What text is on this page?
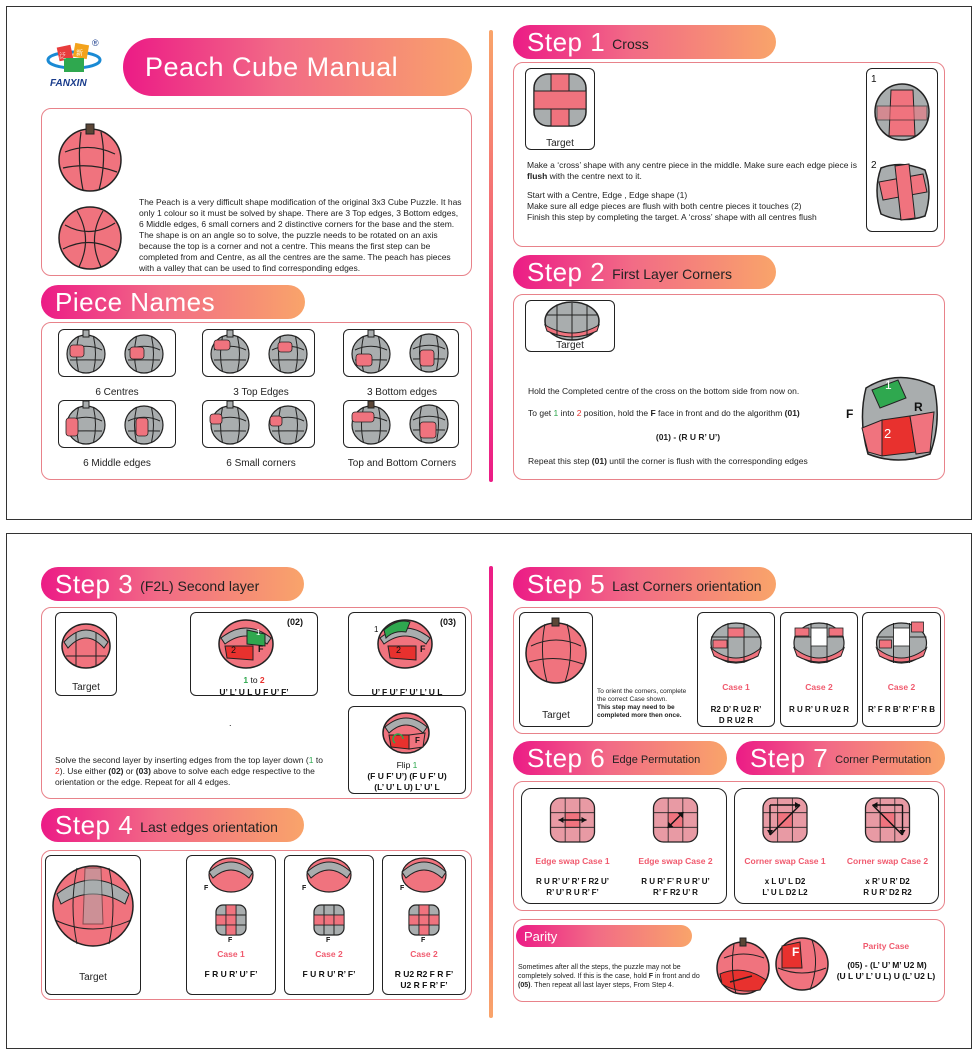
泛 新
FANXIN
®
Peach Cube Manual
The Peach is a very difficult shape modification of the original 3x3 Cube Puzzle. It has only 1 colour so it must be solved by shape. There are 3 Top edges, 3 Bottom edges, 6 Middle edges, 6 small corners and 2 distinctive corners for the base and the stem. The shape is on an angle so to solve, the puzzle needs to be rotated on an axis because the top is a corner and not a centre. This means the first step can be completed from and Centre, as all the centres are the same. The peach has pieces with a valley that can be used to find corresponding edges.
Piece Names
Step 1 Cross
Target
1
2
Make a ‘cross’ shape with any centre piece in the middle. Make sure each edge piece is flush with the centre next to it.
Start with a Centre, Edge , Edge shape (1)
Make sure all edge pieces are flush with both centre pieces it touches (2)
Finish this step by completing the target. A ‘cross’ shape with all centres flush
Step 2 First Layer Corners
Target
Hold the Completed centre of the cross on the bottom side from now on.
To get 1 into 2 position, hold the F face in front and do the algorithm (01)
(01) - (R U R’ U’)
Repeat this step (01) until the corner is flush with the corresponding edges
1
2
F	R
Step 3 (F2L) Second layer
Target
(02)
1
2 F
1 to 2
U’ L’ U L U F U’ F’
(03)
1
2 F
U’ F U’ F’ U’ L’ U L
F
Flip 1
(F U F’ U’) (F U F’ U)
(L’ U’ L U) L’ U’ L
.
Solve the second layer by inserting edges from the top layer down (1 to 2). Use either (02) or (03) above to solve each edge respective to the orientation or the edge. Repeat for all 4 edges.
Step 4 Last edges orientation
Target
Step 5 Last Corners orientation
Target
To orient the corners, complete the correct Case shown.
This step may need to be completed more then once.
Step 6 Edge Permutation Step 7 Corner Permutation
Parity
Sometimes after all the steps, the puzzle may not be completely solved. If this is the case, hold F in front and do (05). Then repeat all last layer steps, From Step 4.
F	Parity Case
(05) - (L’ U’ M’ U2 M)
(U L U’ L’ U L) U (L’ U2 L)
6 Centres	3 Top Edges	3 Bottom edges
6 Middle edges	6 Small corners	Top and Bottom Corners
F
F
Case 1
F R U R’ U’ F’
F
F
Case 2
F U R U’ R’ F’
F
F
Case 2
R U2 R2 F R F’
U2 R F R’ F’
Case 1
R2 D’ R U2 R’
D R U2 R
Case 2
R U R’ U R U2 R
Case 2
R’ F R B’ R’ F’ R B
Edge swap Case 1
R U R’ U’ R’ F R2 U’
R’ U’ R U R’ F’
Edge swap Case 2
R U R’ F’ R U R’ U’
R’ F R2 U’ R
Corner swap Case 1
x L U’ L D2
L’ U L D2 L2
Corner swap Case 2
x R’ U R’ D2
R U R’ D2 R2
